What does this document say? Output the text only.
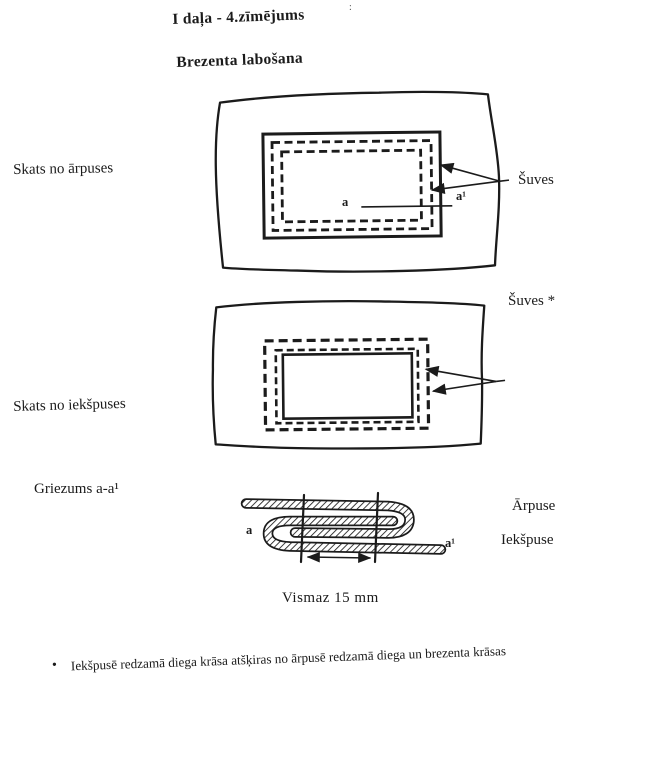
I daļa - 4.zīmējums
Brezenta labošana
:
Skats no ārpuses
Šuves
a	a¹
Šuves *
Skats no iekšpuses
Griezums a-a¹
a
a¹
Ārpuse
Iekšpuse
Vismaz 15 mm
• Iekšpusē redzamā diega krāsa atšķiras no ārpusē redzamā diega un brezenta krāsas
